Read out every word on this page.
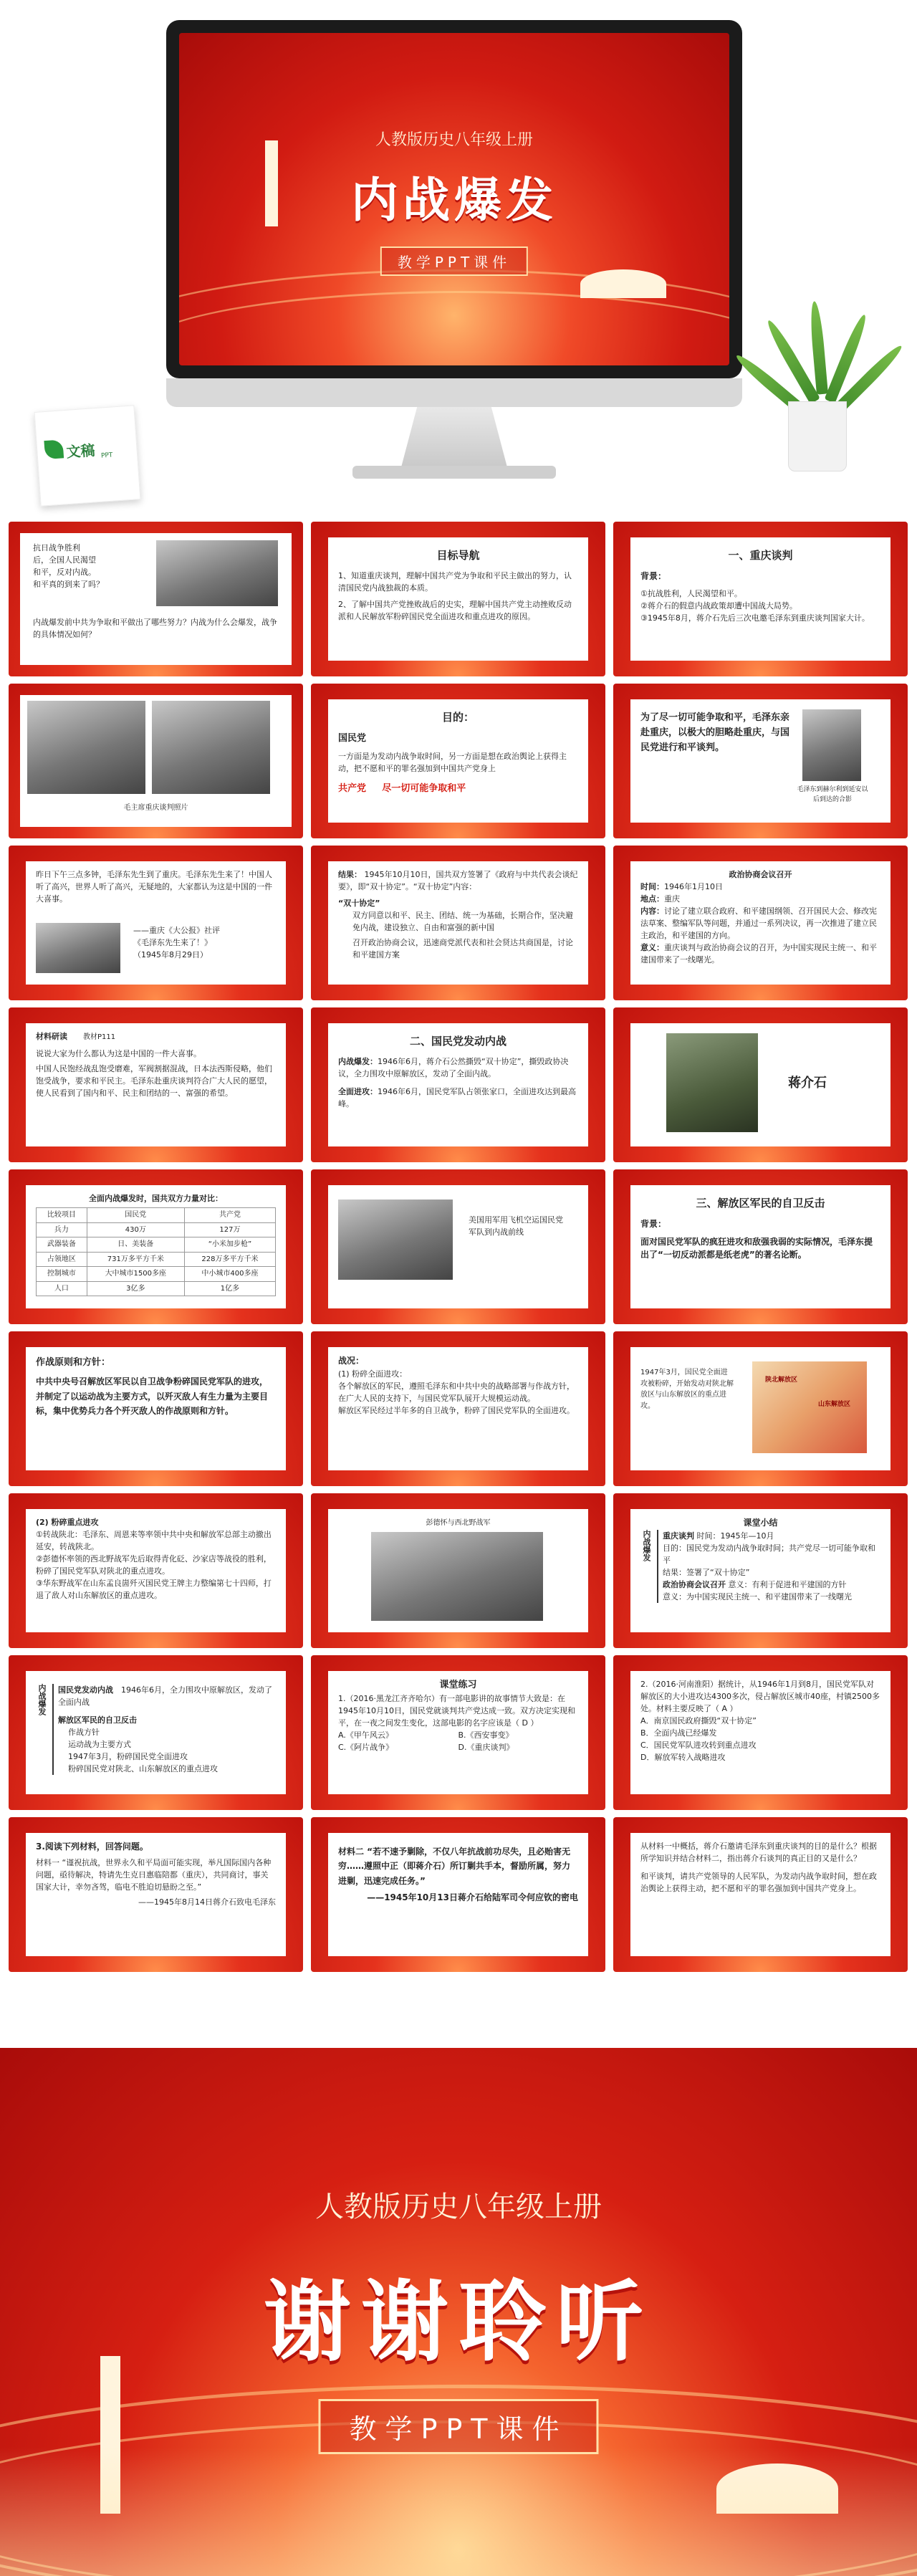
人教版历史八年级上册
内战爆发
教学PPT课件
文稿 PPT
抗日战争胜利
后，全国人民渴望
和平，反对内战。
和平真的到来了吗？
内战爆发前中共为争取和平做出了哪些努力？内战为什么会爆发，战争的具体情况如何？
目标导航
1、知道重庆谈判，理解中国共产党为争取和平民主做出的努力，认清国民党内战独裁的本质。
2、了解中国共产党挫败战后的史实，理解中国共产党主动挫败反动派和人民解放军粉碎国民党全面进攻和重点进攻的原因。
一、重庆谈判
背景：
①抗战胜利，人民渴望和平。
②蒋介石的假意内战政策却遭中国战大局势。
③1945年8月，蒋介石先后三次电邀毛泽东到重庆谈判国家大计。
毛主席重庆谈判照片
目的：
国民党
一方面是为发动内战争取时间，另一方面是想在政治舆论上获得主动，把不愿和平的罪名强加到中国共产党身上
共产党 尽一切可能争取和平
为了尽一切可能争取和平，毛泽东亲赴重庆，以极大的胆略赴重庆，与国民党进行和平谈判。
毛泽东到赫尔利到延安以后到达的合影
昨日下午三点多钟，毛泽东先生到了重庆。毛泽东先生来了！中国人听了高兴，世界人听了高兴，无疑地的，大家都认为这是中国的一件大喜事。
——重庆《大公报》社评
《毛泽东先生来了！》
（1945年8月29日）
结果： 1945年10月10日，国共双方签署了《政府与中共代表会谈纪要》，即“双十协定”。“双十协定”内容：
“双十协定”
双方同意以和平、民主、团结、统一为基础，长期合作，坚决避免内战，建设独立、自由和富强的新中国
召开政治协商会议，迅速商党派代表和社会贤达共商国是，讨论和平建国方案
政治协商会议召开
时间：1946年1月10日
地点：重庆
内容：讨论了建立联合政府、和平建国纲领、召开国民大会、修改宪法草案、整编军队等问题，并通过一系列决议，再一次推进了建立民主政治，和平建国的方向。
意义：重庆谈判与政治协商会议的召开，为中国实现民主统一、和平建国带来了一线曙光。
材料研读　　 教材P111
说说大家为什么都认为这是中国的一件大喜事。
中国人民饱经战乱饱受磨难，军阀割据混战，日本法西斯侵略，他们饱受战争，要求和平民主。毛泽东赴重庆谈判符合广大人民的愿望，使人民看到了国内和平、民主和团结的一、富强的希望。
二、国民党发动内战
内战爆发：1946年6月，蒋介石公然撕毁“双十协定”，撕毁政协决议，全力围攻中原解放区，发动了全面内战。
全面进攻：1946年6月，国民党军队占领张家口，全面进攻达到最高峰。
蒋介石
全面内战爆发时，国共双方力量对比：
比较项目	国民党	共产党
兵力	430万	127万
武器装备	日、美装备	“小米加步枪”
占领地区	731万多平方千米	228万多平方千米
控制城市	大中城市1500多座	中小城市400多座
人口	3亿多	1亿多
美国用军用飞机空运国民党军队到内战前线
三、解放区军民的自卫反击
背景：
面对国民党军队的疯狂进攻和敌强我弱的实际情况，毛泽东提出了“一切反动派都是纸老虎”的著名论断。
作战原则和方针：
中共中央号召解放区军民以自卫战争粉碎国民党军队的进攻，并制定了以运动战为主要方式，以歼灭敌人有生力量为主要目标，集中优势兵力各个歼灭敌人的作战原则和方针。
战况：
(1) 粉碎全面进攻：
各个解放区的军民，遵照毛泽东和中共中央的战略部署与作战方针，在广大人民的支持下，与国民党军队展开大规模运动战。
解放区军民经过半年多的自卫战争，粉碎了国民党军队的全面进攻。
1947年3月，国民党全面进攻被粉碎，开始发动对陕北解放区与山东解放区的重点进攻。
陕北解放区
山东解放区
(2) 粉碎重点进攻
①转战陕北：毛泽东、周恩来等率领中共中央和解放军总部主动撤出延安，转战陕北。
②彭德怀率领的西北野战军先后取得青化砭、沙家店等战役的胜利，粉碎了国民党军队对陕北的重点进攻。
③华东野战军在山东孟良崮歼灭国民党王牌主力整编第七十四师，打退了敌人对山东解放区的重点进攻。
彭德怀与西北野战军	课堂小结
内战爆发	重庆谈判 时间：1945年—10月
目的：国民党为发动内战争取时间；共产党尽一切可能争取和平
结果：签署了“双十协定”
政治协商会议召开 意义：有利于促进和平建国的方针
意义：为中国实现民主统一、和平建国带来了一线曙光
内战爆发	国民党发动内战　 1946年6月，全力围攻中原解放区，发动了全面内战
解放区军民的自卫反击
作战方针
运动战为主要方式
1947年3月，粉碎国民党全面进攻
粉碎国民党对陕北、山东解放区的重点进攻
课堂练习
1.（2016·黑龙江齐齐哈尔）有一部电影讲的故事情节大致是：在1945年10月10日，国民党就谈判共产党达成一致。双方决定实现和平，在一夜之间发生变化，这部电影的名字应该是（ D ）
A.《甲午风云》	B.《西安事变》
C.《阿片战争》	D.《重庆谈判》
2.（2016·河南淮阳）据统计，从1946年1月到8月，国民党军队对解放区的大小进攻达4300多次，侵占解放区城市40座，村镇2500多处。材料主要反映了（ A ）
A．南京国民政府撕毁“双十协定”
B．全面内战已经爆发
C．国民党军队进攻转到重点进攻
D．解放军转入战略进攻
3.阅读下列材料，回答问题。
材料一 “谨祝抗战，世界永久和平局面可能实现，举凡国际国内各种问题，亟待解决，特请先生克日惠临陪都（重庆），共同商讨，事关国家大计，幸勿吝驾，临电不胜迫切悬盼之至。”
——1945年8月14日蒋介石致电毛泽东
材料二 “若不速予剿除，不仅八年抗战前功尽失，且必贻害无穷……遵照中正（即蒋介石）所订剿共手本，督励所属，努力进剿，迅速完成任务。”
——1945年10月13日蒋介石给陆军司令何应钦的密电
从材料一中概括，蒋介石邀请毛泽东到重庆谈判的目的是什么？根据所学知识并结合材料二，指出蒋介石谈判的真正目的又是什么？
和平谈判，请共产党领导的人民军队，为发动内战争取时间，想在政治舆论上获得主动，把不愿和平的罪名强加到中国共产党身上。
人教版历史八年级上册
谢谢聆听
教学PPT课件
